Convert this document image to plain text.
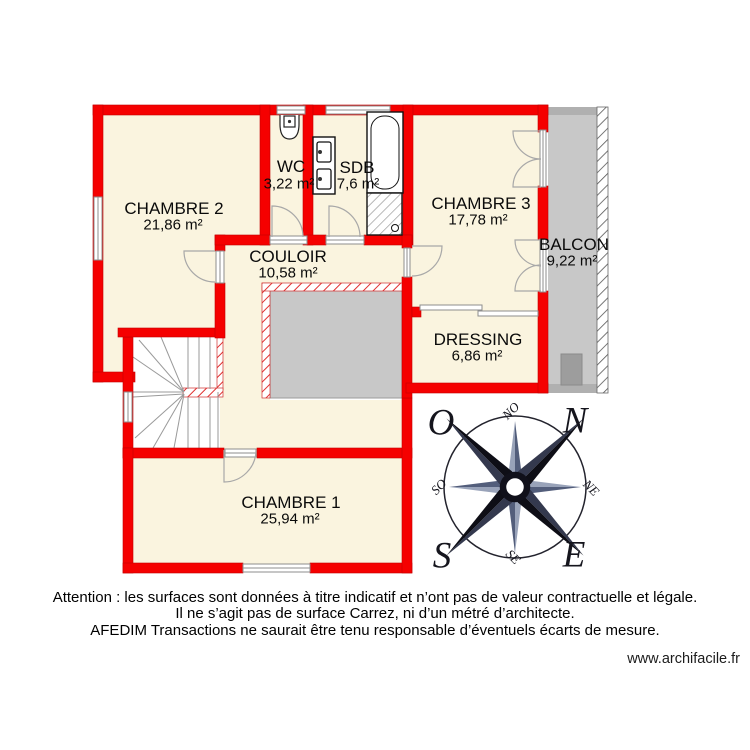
CHAMBRE 2
21,86 m²
WC
3,22 m²
SDB
7,6 m²
CHAMBRE 3
17,78 m²
BALCON
9,22 m²
COULOIR
10,58 m²
DRESSING
6,86 m²
CHAMBRE 1
25,94 m²
N
O
S	E
NO
NE
SO
SE
Attention : les surfaces sont données à titre indicatif et n’ont pas de valeur contractuelle et légale.
Il ne s’agit pas de surface Carrez, ni d’un métré d’architecte.
AFEDIM Transactions ne saurait être tenu responsable d’éventuels écarts de mesure.
www.archifacile.fr
